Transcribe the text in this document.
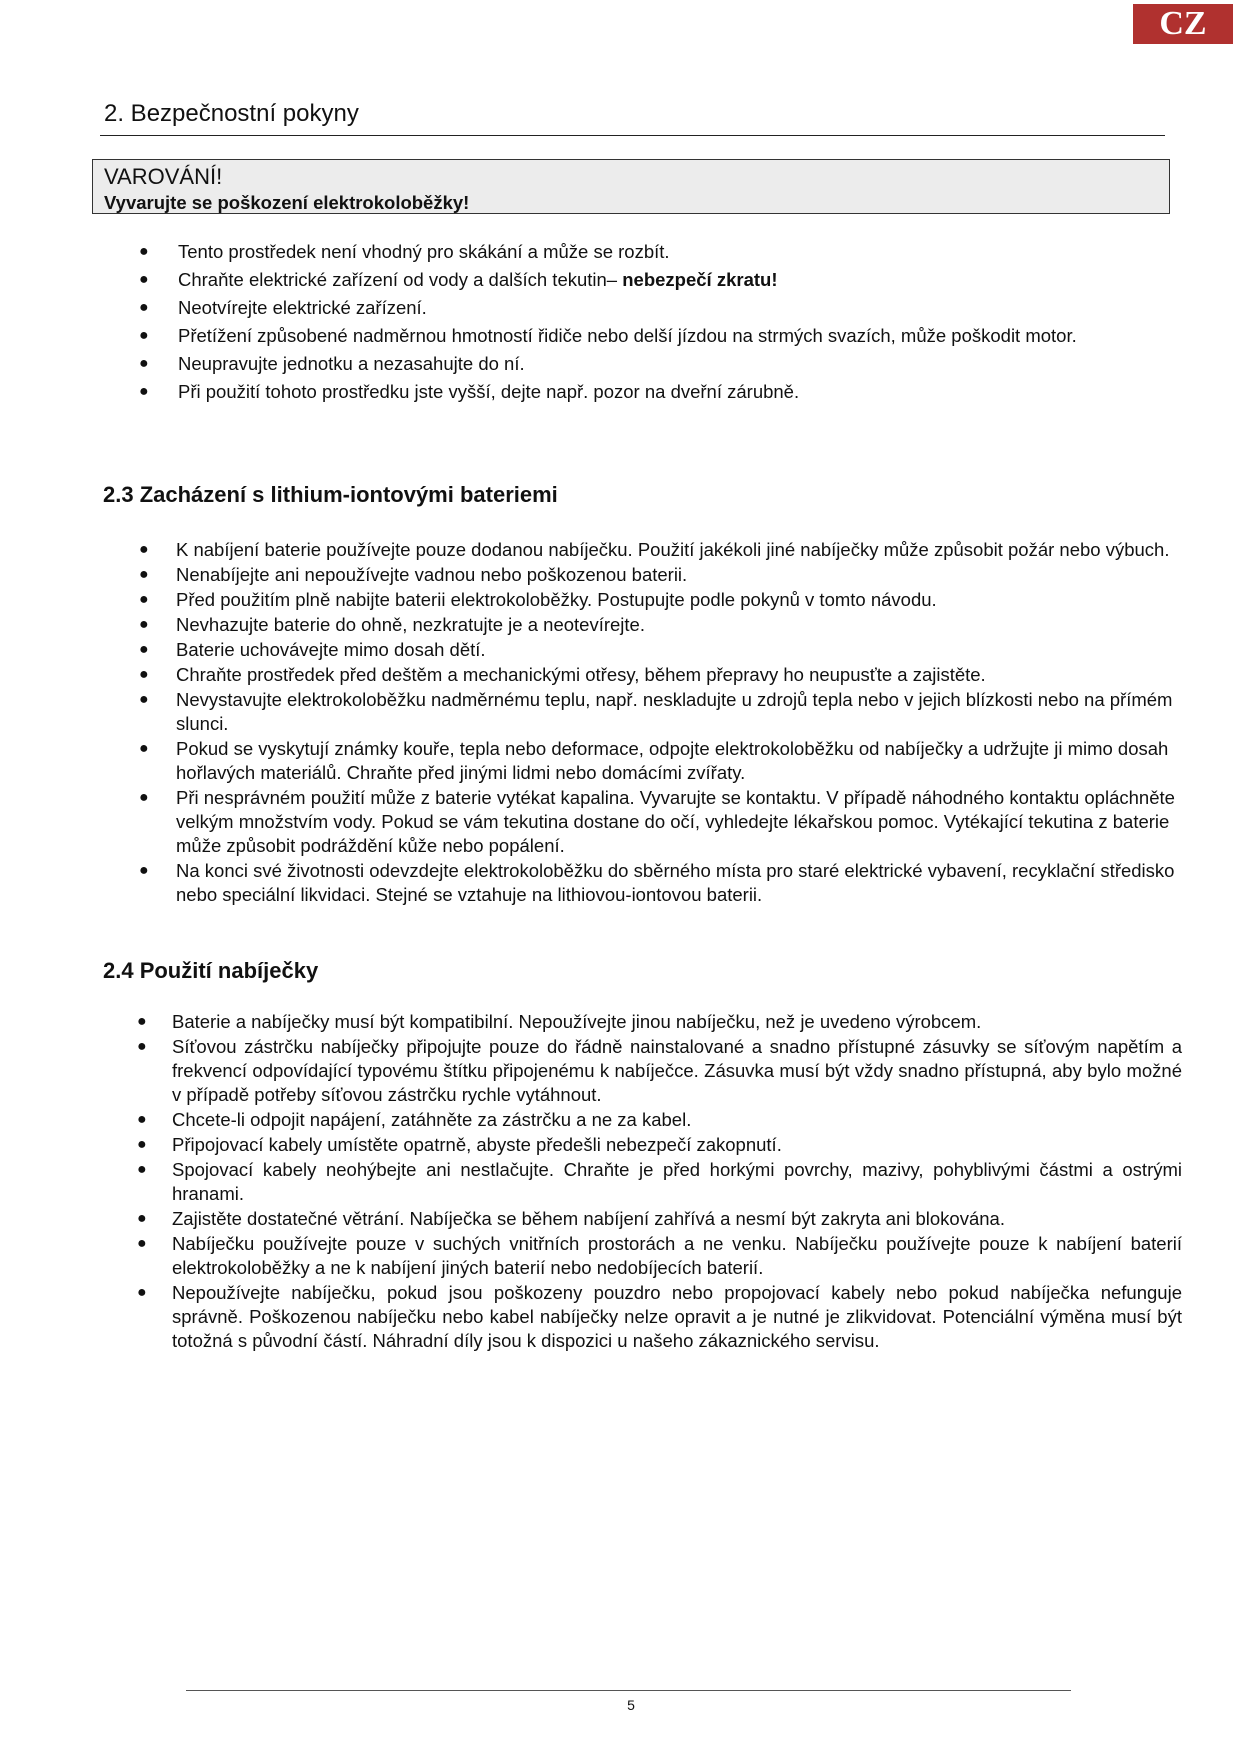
CZ
2. Bezpečnostní pokyny
VAROVÁNÍ!
Vyvarujte se poškození elektrokoloběžky!
● Tento prostředek není vhodný pro skákání a může se rozbít.
● Chraňte elektrické zařízení od vody a dalších tekutin– nebezpečí zkratu!
● Neotvírejte elektrické zařízení.
● Přetížení způsobené nadměrnou hmotností řidiče nebo delší jízdou na strmých svazích, může poškodit motor.
● Neupravujte jednotku a nezasahujte do ní.
● Při použití tohoto prostředku jste vyšší, dejte např. pozor na dveřní zárubně.
2.3 Zacházení s lithium-iontovými bateriemi
● K nabíjení baterie používejte pouze dodanou nabíječku. Použití jakékoli jiné nabíječky může způsobit požár nebo výbuch.
● Nenabíjejte ani nepoužívejte vadnou nebo poškozenou baterii.
● Před použitím plně nabijte baterii elektrokoloběžky. Postupujte podle pokynů v tomto návodu.
● Nevhazujte baterie do ohně, nezkratujte je a neotevírejte.
● Baterie uchovávejte mimo dosah dětí.
● Chraňte prostředek před deštěm a mechanickými otřesy, během přepravy ho neupusťte a zajistěte.
● Nevystavujte elektrokoloběžku nadměrnému teplu, např. neskladujte u zdrojů tepla nebo v jejich blízkosti nebo na přímém slunci.
● Pokud se vyskytují známky kouře, tepla nebo deformace, odpojte elektrokoloběžku od nabíječky a udržujte ji mimo dosah hořlavých materiálů. Chraňte před jinými lidmi nebo domácími zvířaty.
● Při nesprávném použití může z baterie vytékat kapalina. Vyvarujte se kontaktu. V případě náhodného kontaktu opláchněte velkým množstvím vody. Pokud se vám tekutina dostane do očí, vyhledejte lékařskou pomoc. Vytékající tekutina z baterie může způsobit podráždění kůže nebo popálení.
● Na konci své životnosti odevzdejte elektrokoloběžku do sběrného místa pro staré elektrické vybavení, recyklační středisko nebo speciální likvidaci. Stejné se vztahuje na lithiovou-iontovou baterii.
2.4 Použití nabíječky
● Baterie a nabíječky musí být kompatibilní. Nepoužívejte jinou nabíječku, než je uvedeno výrobcem.
● Síťovou zástrčku nabíječky připojujte pouze do řádně nainstalované a snadno přístupné zásuvky se síťovým napětím a frekvencí odpovídající typovému štítku připojenému k nabíječce. Zásuvka musí být vždy snadno přístupná, aby bylo možné v případě potřeby síťovou zástrčku rychle vytáhnout.
● Chcete-li odpojit napájení, zatáhněte za zástrčku a ne za kabel.
● Připojovací kabely umístěte opatrně, abyste předešli nebezpečí zakopnutí.
● Spojovací kabely neohýbejte ani nestlačujte. Chraňte je před horkými povrchy, mazivy, pohyblivými částmi a ostrými hranami.
● Zajistěte dostatečné větrání. Nabíječka se během nabíjení zahřívá a nesmí být zakryta ani blokována.
● Nabíječku používejte pouze v suchých vnitřních prostorách a ne venku. Nabíječku používejte pouze k nabíjení baterií elektrokoloběžky a ne k nabíjení jiných baterií nebo nedobíjecích baterií.
● Nepoužívejte nabíječku, pokud jsou poškozeny pouzdro nebo propojovací kabely nebo pokud nabíječka nefunguje správně. Poškozenou nabíječku nebo kabel nabíječky nelze opravit a je nutné je zlikvidovat. Potenciální výměna musí být totožná s původní částí. Náhradní díly jsou k dispozici u našeho zákaznického servisu.
5
